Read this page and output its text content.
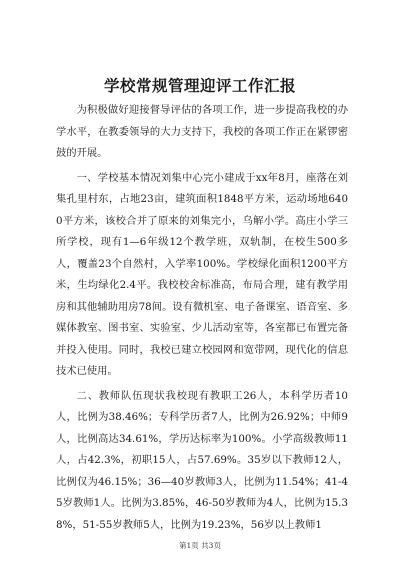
学校常规管理迎评工作汇报

为积极做好迎接督导评估的各项工作，进一步提高我校的办学水平，在教委领导的大力支持下，我校的各项工作正在紧锣密鼓的开展。

一、学校基本情况刘集中心完小建成于xx年8月，座落在刘集孔里村东，占地23亩，建筑面积1848平方米，运动场地6400平方米，该校合并了原来的刘集完小，乌解小学。高庄小学三所学校，现有1—6年级12个教学班，双轨制，在校生500多人，覆盖23个自然村，入学率100%。学校绿化面积1200平方米，生均绿化2.4平。我校校舍标准高，布局合理，建有教学用房和其他辅助用房78间。设有微机室、电子备课室、语音室、多媒体教室、图书室、实验室、少儿活动室等，各室都已布置完备并投入使用。同时，我校已建立校园网和宽带网，现代化的信息技术已使用。

二、教师队伍现状我校现有教职工26人，本科学历者10人，比例为38.46%；专科学历者7人，比例为26.92%；中师9人，比例高达34.61%，学历达标率为100%。小学高级教师11人，占42.3%，初职15人，占57.69%。35岁以下教师12人，比例仅为46.15%；36—40岁教师3人，比例为11.54%；41-45岁教师1人。比例为3.85%，46-50岁教师为4人，比例为15.38%，51-55岁教师5人，比例为19.23%，56岁以上教师1

第1页 共3页
